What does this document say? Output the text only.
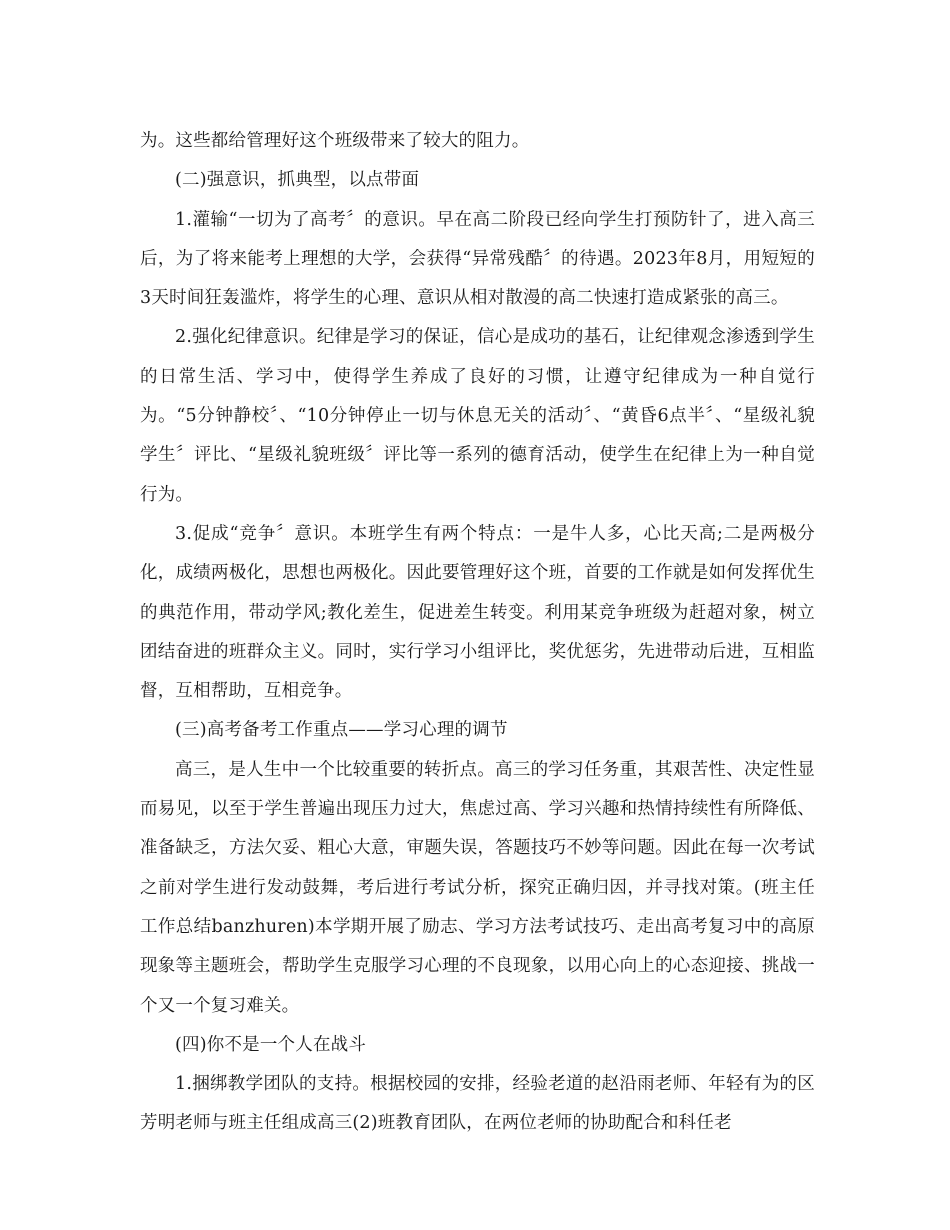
为。这些都给管理好这个班级带来了较大的阻力。

(二)强意识，抓典型，以点带面

1.灌输“一切为了高考〞的意识。早在高二阶段已经向学生打预防针了，进入高三后，为了将来能考上理想的大学，会获得“异常残酷〞的待遇。2023年8月，用短短的3天时间狂轰滥炸，将学生的心理、意识从相对散漫的高二快速打造成紧张的高三。

2.强化纪律意识。纪律是学习的保证，信心是成功的基石，让纪律观念渗透到学生的日常生活、学习中，使得学生养成了良好的习惯，让遵守纪律成为一种自觉行为。“5分钟静校〞、“10分钟停止一切与休息无关的活动〞、“黄昏6点半〞、“星级礼貌学生〞评比、“星级礼貌班级〞评比等一系列的德育活动，使学生在纪律上为一种自觉行为。

3.促成“竞争〞意识。本班学生有两个特点：一是牛人多，心比天高;二是两极分化，成绩两极化，思想也两极化。因此要管理好这个班，首要的工作就是如何发挥优生的典范作用，带动学风;教化差生，促进差生转变。利用某竞争班级为赶超对象，树立团结奋进的班群众主义。同时，实行学习小组评比，奖优惩劣，先进带动后进，互相监督，互相帮助，互相竞争。

(三)高考备考工作重点——学习心理的调节

高三，是人生中一个比较重要的转折点。高三的学习任务重，其艰苦性、决定性显而易见，以至于学生普遍出现压力过大，焦虑过高、学习兴趣和热情持续性有所降低、准备缺乏，方法欠妥、粗心大意，审题失误，答题技巧不妙等问题。因此在每一次考试之前对学生进行发动鼓舞，考后进行考试分析，探究正确归因，并寻找对策。(班主任工作总结banzhuren)本学期开展了励志、学习方法考试技巧、走出高考复习中的高原现象等主题班会，帮助学生克服学习心理的不良现象，以用心向上的心态迎接、挑战一个又一个复习难关。

(四)你不是一个人在战斗

1.捆绑教学团队的支持。根据校园的安排，经验老道的赵沿雨老师、年轻有为的区芳明老师与班主任组成高三(2)班教育团队，在两位老师的协助配合和科任老
